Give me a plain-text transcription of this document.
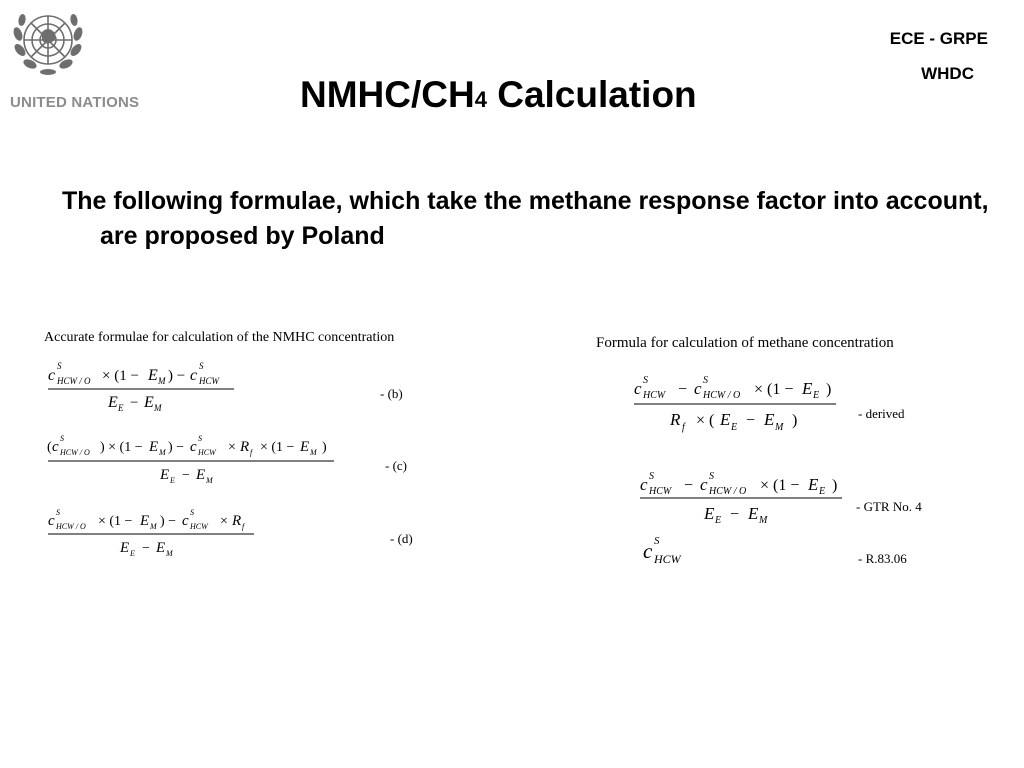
UNITED NATIONS
ECE - GRPE
WHDC
NMHC/CH4 Calculation
The following formulae, which take the methane response factor into account, are proposed by Poland
Accurate formulae for calculation of the NMHC concentration
c
S
HCW / O × (1 − E M ) − c
S
HCW
E E − E M
- (b)
( c
S
HCW / O ) × (1 − E M ) − c
S
HCW × R f × (1 − E M )
E E − E M
- (c)
c
S
HCW / O × (1 − E M ) − c
S
HCW × R f
E E − E M
- (d)
Formula for calculation of methane concentration
c S
HCW − c S
HCW / O × (1 − E E )
R f × ( E E − E M )	- derived
c S
HCW − c S
HCW / O × (1 − E E )
E E − E M
- GTR No. 4
c S
HCW	- R.83.06
